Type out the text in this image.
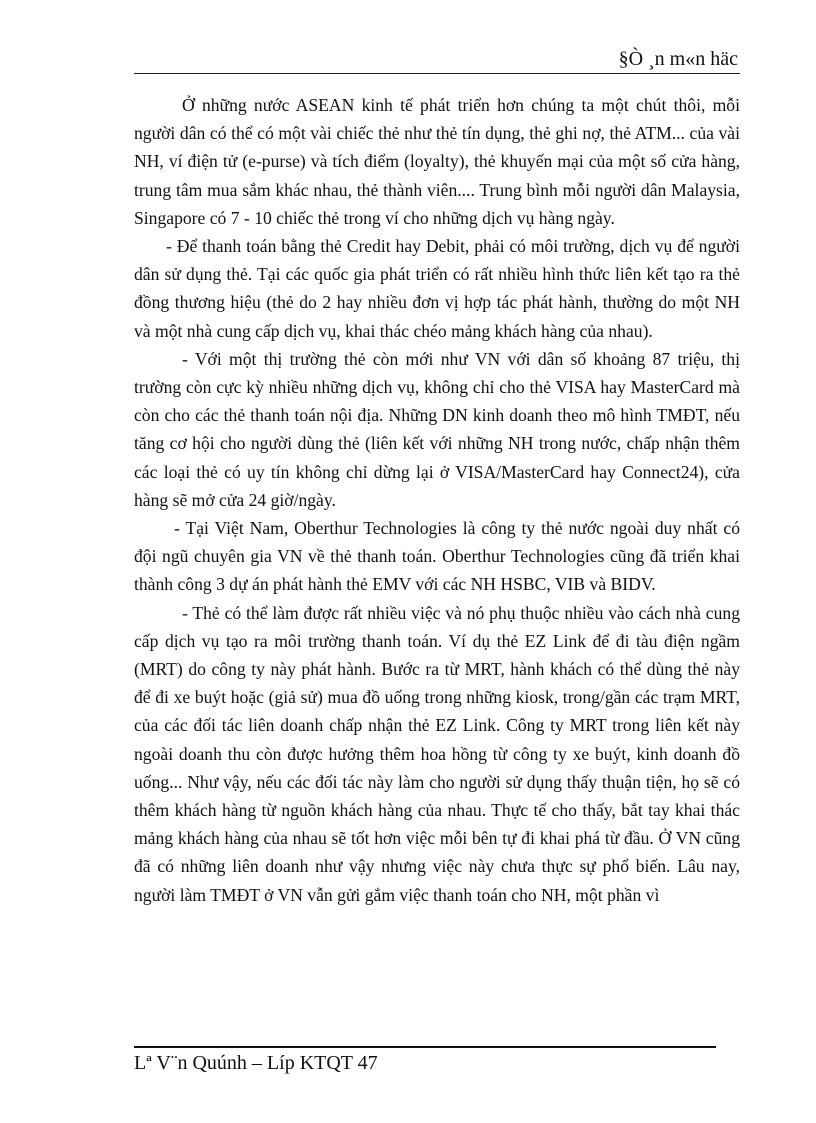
§Ò ¸n m«n häc

Ở những nước ASEAN kinh tế phát triển hơn chúng ta một chút thôi, mỗi người dân có thể có một vài chiếc thẻ như thẻ tín dụng, thẻ ghi nợ, thẻ ATM... của vài NH, ví điện tử (e-purse) và tích điểm (loyalty), thẻ khuyến mại của một số cửa hàng, trung tâm mua sắm khác nhau, thẻ thành viên.... Trung bình mỗi người dân Malaysia, Singapore có 7 - 10 chiếc thẻ trong ví cho những dịch vụ hàng ngày.

- Để thanh toán bằng thẻ Credit hay Debit, phải có môi trường, dịch vụ để người dân sử dụng thẻ. Tại các quốc gia phát triển có rất nhiều hình thức liên kết tạo ra thẻ đồng thương hiệu (thẻ do 2 hay nhiều đơn vị hợp tác phát hành, thường do một NH và một nhà cung cấp dịch vụ, khai thác chéo mảng khách hàng của nhau).

- Với một thị trường thẻ còn mới như VN với dân số khoảng 87 triệu, thị trường còn cực kỳ nhiều những dịch vụ, không chỉ cho thẻ VISA hay MasterCard mà còn cho các thẻ thanh toán nội địa. Những DN kinh doanh theo mô hình TMĐT, nếu tăng cơ hội cho người dùng thẻ (liên kết với những NH trong nước, chấp nhận thêm các loại thẻ có uy tín không chỉ dừng lại ở VISA/MasterCard hay Connect24), cửa hàng sẽ mở cửa 24 giờ/ngày.

- Tại Việt Nam, Oberthur Technologies là công ty thẻ nước ngoài duy nhất có đội ngũ chuyên gia VN về thẻ thanh toán. Oberthur Technologies cũng đã triển khai thành công 3 dự án phát hành thẻ EMV với các NH HSBC, VIB và BIDV.

- Thẻ có thể làm được rất nhiều việc và nó phụ thuộc nhiều vào cách nhà cung cấp dịch vụ tạo ra môi trường thanh toán. Ví dụ thẻ EZ Link để đi tàu điện ngầm (MRT) do công ty này phát hành. Bước ra từ MRT, hành khách có thể dùng thẻ này để đi xe buýt hoặc (giả sử) mua đồ uống trong những kiosk, trong/gần các trạm MRT, của các đối tác liên doanh chấp nhận thẻ EZ Link. Công ty MRT trong liên kết này ngoài doanh thu còn được hưởng thêm hoa hồng từ công ty xe buýt, kinh doanh đồ uống... Như vậy, nếu các đối tác này làm cho người sử dụng thấy thuận tiện, họ sẽ có thêm khách hàng từ nguồn khách hàng của nhau. Thực tế cho thấy, bắt tay khai thác mảng khách hàng của nhau sẽ tốt hơn việc mỗi bên tự đi khai phá từ đầu. Ở VN cũng đã có những liên doanh như vậy nhưng việc này chưa thực sự phổ biến. Lâu nay, người làm TMĐT ở VN vẫn gửi gắm việc thanh toán cho NH, một phần vì

Lª V¨n Quúnh – Líp KTQT 47
